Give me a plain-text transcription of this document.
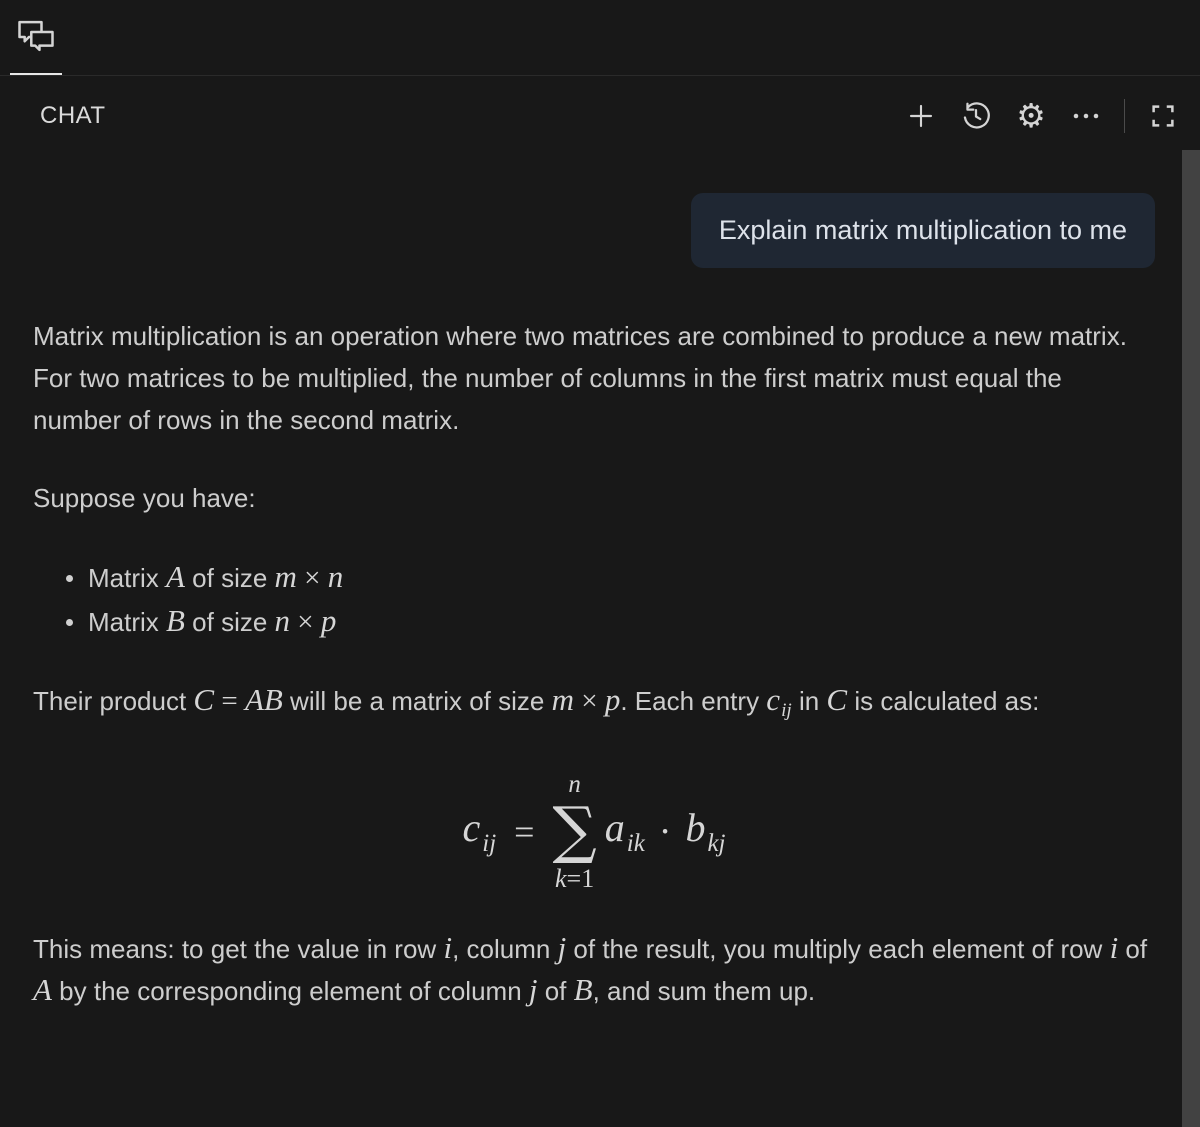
CHAT	⚙
Explain matrix multiplication to me

Matrix multiplication is an operation where two matrices are combined to produce a new matrix. For two matrices to be multiplied, the number of columns in the first matrix must equal the number of rows in the second matrix.

Suppose you have:

Matrix A of size m × n
Matrix B of size n × p

Their product C = AB will be a matrix of size m × p. Each entry cij in C is calculated as:

$c_{ij}$ =
n
∑
k=1
$a_{ik} \cdot b_{kj}$

This means: to get the value in row i, column j of the result, you multiply each element of row i of A by the corresponding element of column j of B, and sum them up.
